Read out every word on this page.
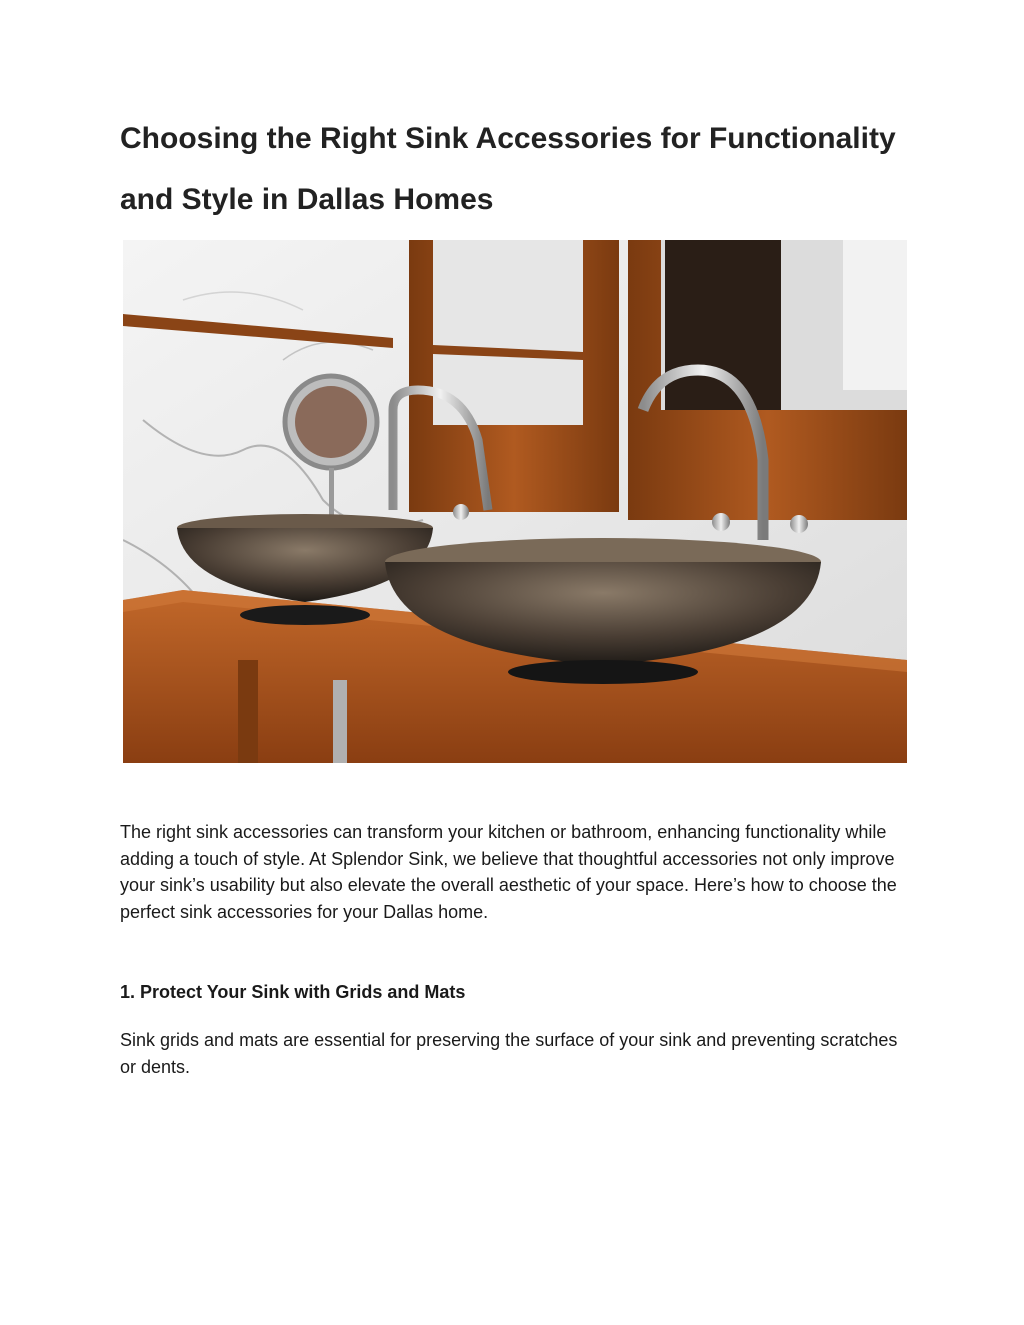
Choosing the Right Sink Accessories for Functionality and Style in Dallas Homes

The right sink accessories can transform your kitchen or bathroom, enhancing functionality while adding a touch of style. At Splendor Sink, we believe that thoughtful accessories not only improve your sink’s usability but also elevate the overall aesthetic of your space. Here’s how to choose the perfect sink accessories for your Dallas home.

1. Protect Your Sink with Grids and Mats

Sink grids and mats are essential for preserving the surface of your sink and preventing scratches or dents.
